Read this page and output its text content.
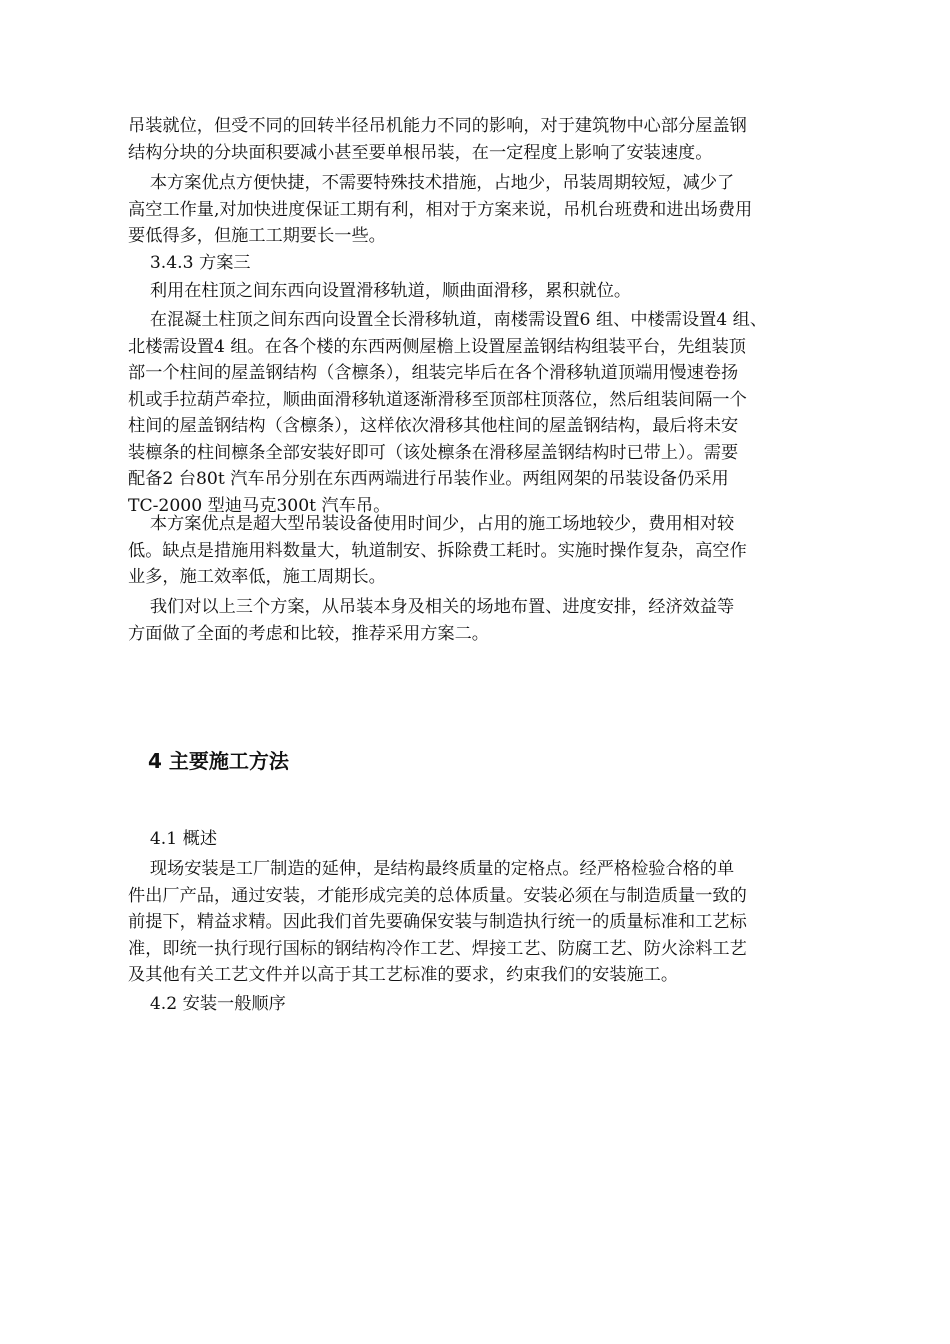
吊装就位，但受不同的回转半径吊机能力不同的影响，对于建筑物中心部分屋盖钢
结构分块的分块面积要减小甚至要单根吊装，在一定程度上影响了安装速度。
本方案优点方便快捷，不需要特殊技术措施，占地少，吊装周期较短，减少了
高空工作量,对加快进度保证工期有利，相对于方案来说，吊机台班费和进出场费用
要低得多，但施工工期要长一些。
3.4.3 方案三
利用在柱顶之间东西向设置滑移轨道，顺曲面滑移，累积就位。
在混凝土柱顶之间东西向设置全长滑移轨道，南楼需设置6 组、中楼需设置4 组、
北楼需设置4 组。在各个楼的东西两侧屋檐上设置屋盖钢结构组装平台，先组装顶
部一个柱间的屋盖钢结构（含檩条），组装完毕后在各个滑移轨道顶端用慢速卷扬
机或手拉葫芦牵拉，顺曲面滑移轨道逐渐滑移至顶部柱顶落位，然后组装间隔一个
柱间的屋盖钢结构（含檩条），这样依次滑移其他柱间的屋盖钢结构，最后将未安
装檩条的柱间檩条全部安装好即可（该处檩条在滑移屋盖钢结构时已带上）。需要
配备2 台80t 汽车吊分别在东西两端进行吊装作业。两组网架的吊装设备仍采用
TC-2000 型迪马克300t 汽车吊。
本方案优点是超大型吊装设备使用时间少，占用的施工场地较少，费用相对较
低。缺点是措施用料数量大，轨道制安、拆除费工耗时。实施时操作复杂，高空作
业多，施工效率低，施工周期长。
我们对以上三个方案，从吊装本身及相关的场地布置、进度安排，经济效益等
方面做了全面的考虑和比较，推荐采用方案二。
4 主要施工方法
4.1 概述
现场安装是工厂制造的延伸，是结构最终质量的定格点。经严格检验合格的单
件出厂产品，通过安装，才能形成完美的总体质量。安装必须在与制造质量一致的
前提下，精益求精。因此我们首先要确保安装与制造执行统一的质量标准和工艺标
准，即统一执行现行国标的钢结构冷作工艺、焊接工艺、防腐工艺、防火涂料工艺
及其他有关工艺文件并以高于其工艺标准的要求，约束我们的安装施工。
4.2 安装一般顺序
